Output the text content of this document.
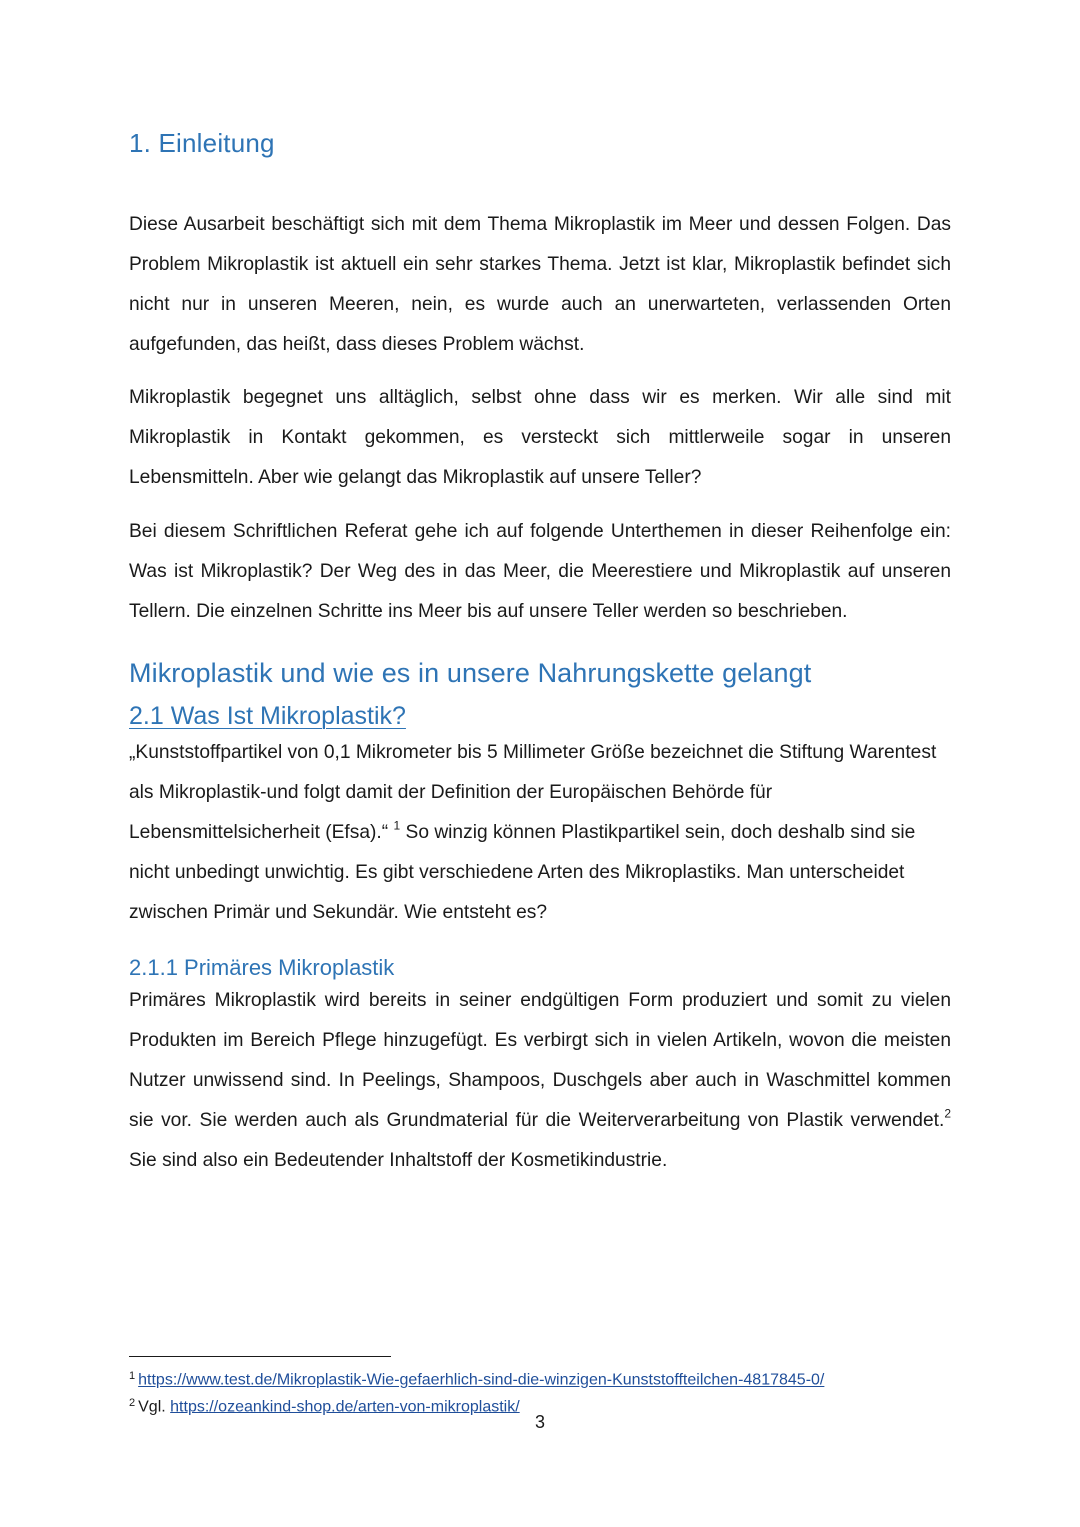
1. Einleitung

Diese Ausarbeit beschäftigt sich mit dem Thema Mikroplastik im Meer und dessen Folgen. Das Problem Mikroplastik ist aktuell ein sehr starkes Thema. Jetzt ist klar, Mikroplastik befindet sich nicht nur in unseren Meeren, nein, es wurde auch an unerwarteten, verlassenden Orten aufgefunden, das heißt, dass dieses Problem wächst.

Mikroplastik begegnet uns alltäglich, selbst ohne dass wir es merken. Wir alle sind mit Mikroplastik in Kontakt gekommen, es versteckt sich mittlerweile sogar in unseren Lebensmitteln. Aber wie gelangt das Mikroplastik auf unsere Teller?

Bei diesem Schriftlichen Referat gehe ich auf folgende Unterthemen in dieser Reihenfolge ein: Was ist Mikroplastik? Der Weg des in das Meer, die Meerestiere und Mikroplastik auf unseren Tellern. Die einzelnen Schritte ins Meer bis auf unsere Teller werden so beschrieben.

Mikroplastik und wie es in unsere Nahrungskette gelangt
2.1 Was Ist Mikroplastik?

„Kunststoffpartikel von 0,1 Mikrometer bis 5 Millimeter Größe bezeichnet die Stiftung Warentest als Mikroplastik-und folgt damit der Definition der Europäischen Behörde für Lebensmittelsicherheit (Efsa).“ $^1$ So winzig können Plastikpartikel sein, doch deshalb sind sie nicht unbedingt unwichtig. Es gibt verschiedene Arten des Mikroplastiks. Man unterscheidet zwischen Primär und Sekundär. Wie entsteht es?

2.1.1 Primäres Mikroplastik

Primäres Mikroplastik wird bereits in seiner endgültigen Form produziert und somit zu vielen Produkten im Bereich Pflege hinzugefügt. Es verbirgt sich in vielen Artikeln, wovon die meisten Nutzer unwissend sind. In Peelings, Shampoos, Duschgels aber auch in Waschmittel kommen sie vor. Sie werden auch als Grundmaterial für die Weiterverarbeitung von Plastik verwendet.$^2$ Sie sind also ein Bedeutender Inhaltstoff der Kosmetikindustrie.

$^1$ https://www.test.de/Mikroplastik-Wie-gefaerhlich-sind-die-winzigen-Kunststoffteilchen-4817845-0/
$^2$ Vgl. https://ozeankind-shop.de/arten-von-mikroplastik/
3
